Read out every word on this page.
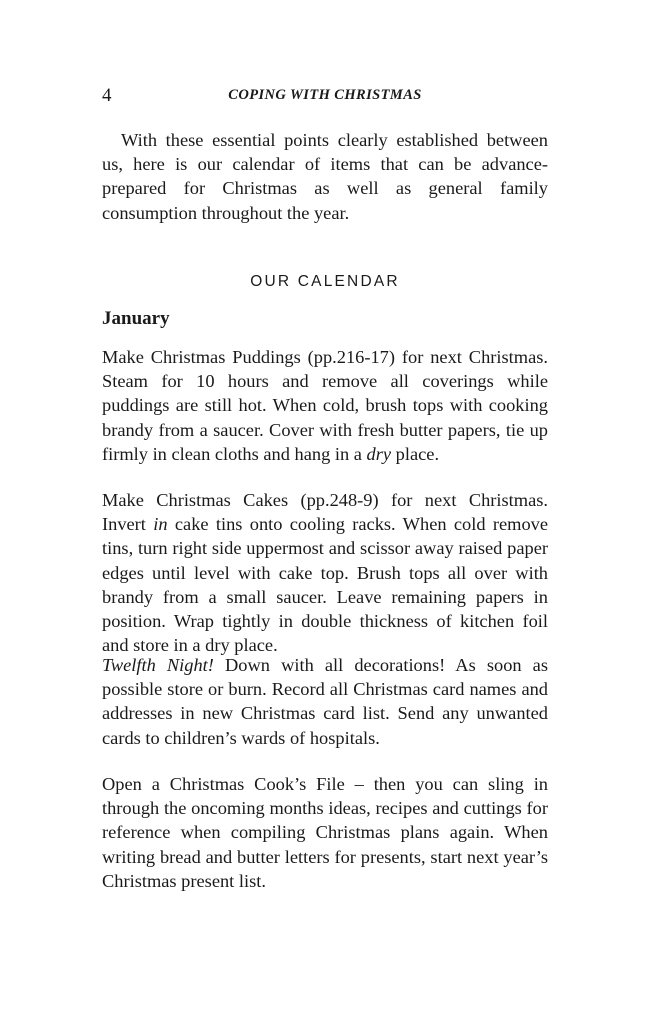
4	COPING WITH CHRISTMAS

With these essential points clearly established between us, here is our calendar of items that can be advance-prepared for Christmas as well as general family consumption throughout the year.

OUR CALENDAR
January

Make Christmas Puddings (pp.216-17) for next Christmas. Steam for 10 hours and remove all coverings while puddings are still hot. When cold, brush tops with cooking brandy from a saucer. Cover with fresh butter papers, tie up firmly in clean cloths and hang in a dry place.

Make Christmas Cakes (pp.248-9) for next Christmas. Invert in cake tins onto cooling racks. When cold remove tins, turn right side uppermost and scissor away raised paper edges until level with cake top. Brush tops all over with brandy from a small saucer. Leave remaining papers in position. Wrap tightly in double thickness of kitchen foil and store in a dry place.

Twelfth Night! Down with all decorations! As soon as possible store or burn. Record all Christmas card names and addresses in new Christmas card list. Send any unwanted cards to children’s wards of hospitals.

Open a Christmas Cook’s File – then you can sling in through the oncoming months ideas, recipes and cuttings for reference when compiling Christmas plans again. When writing bread and butter letters for presents, start next year’s Christmas present list.
